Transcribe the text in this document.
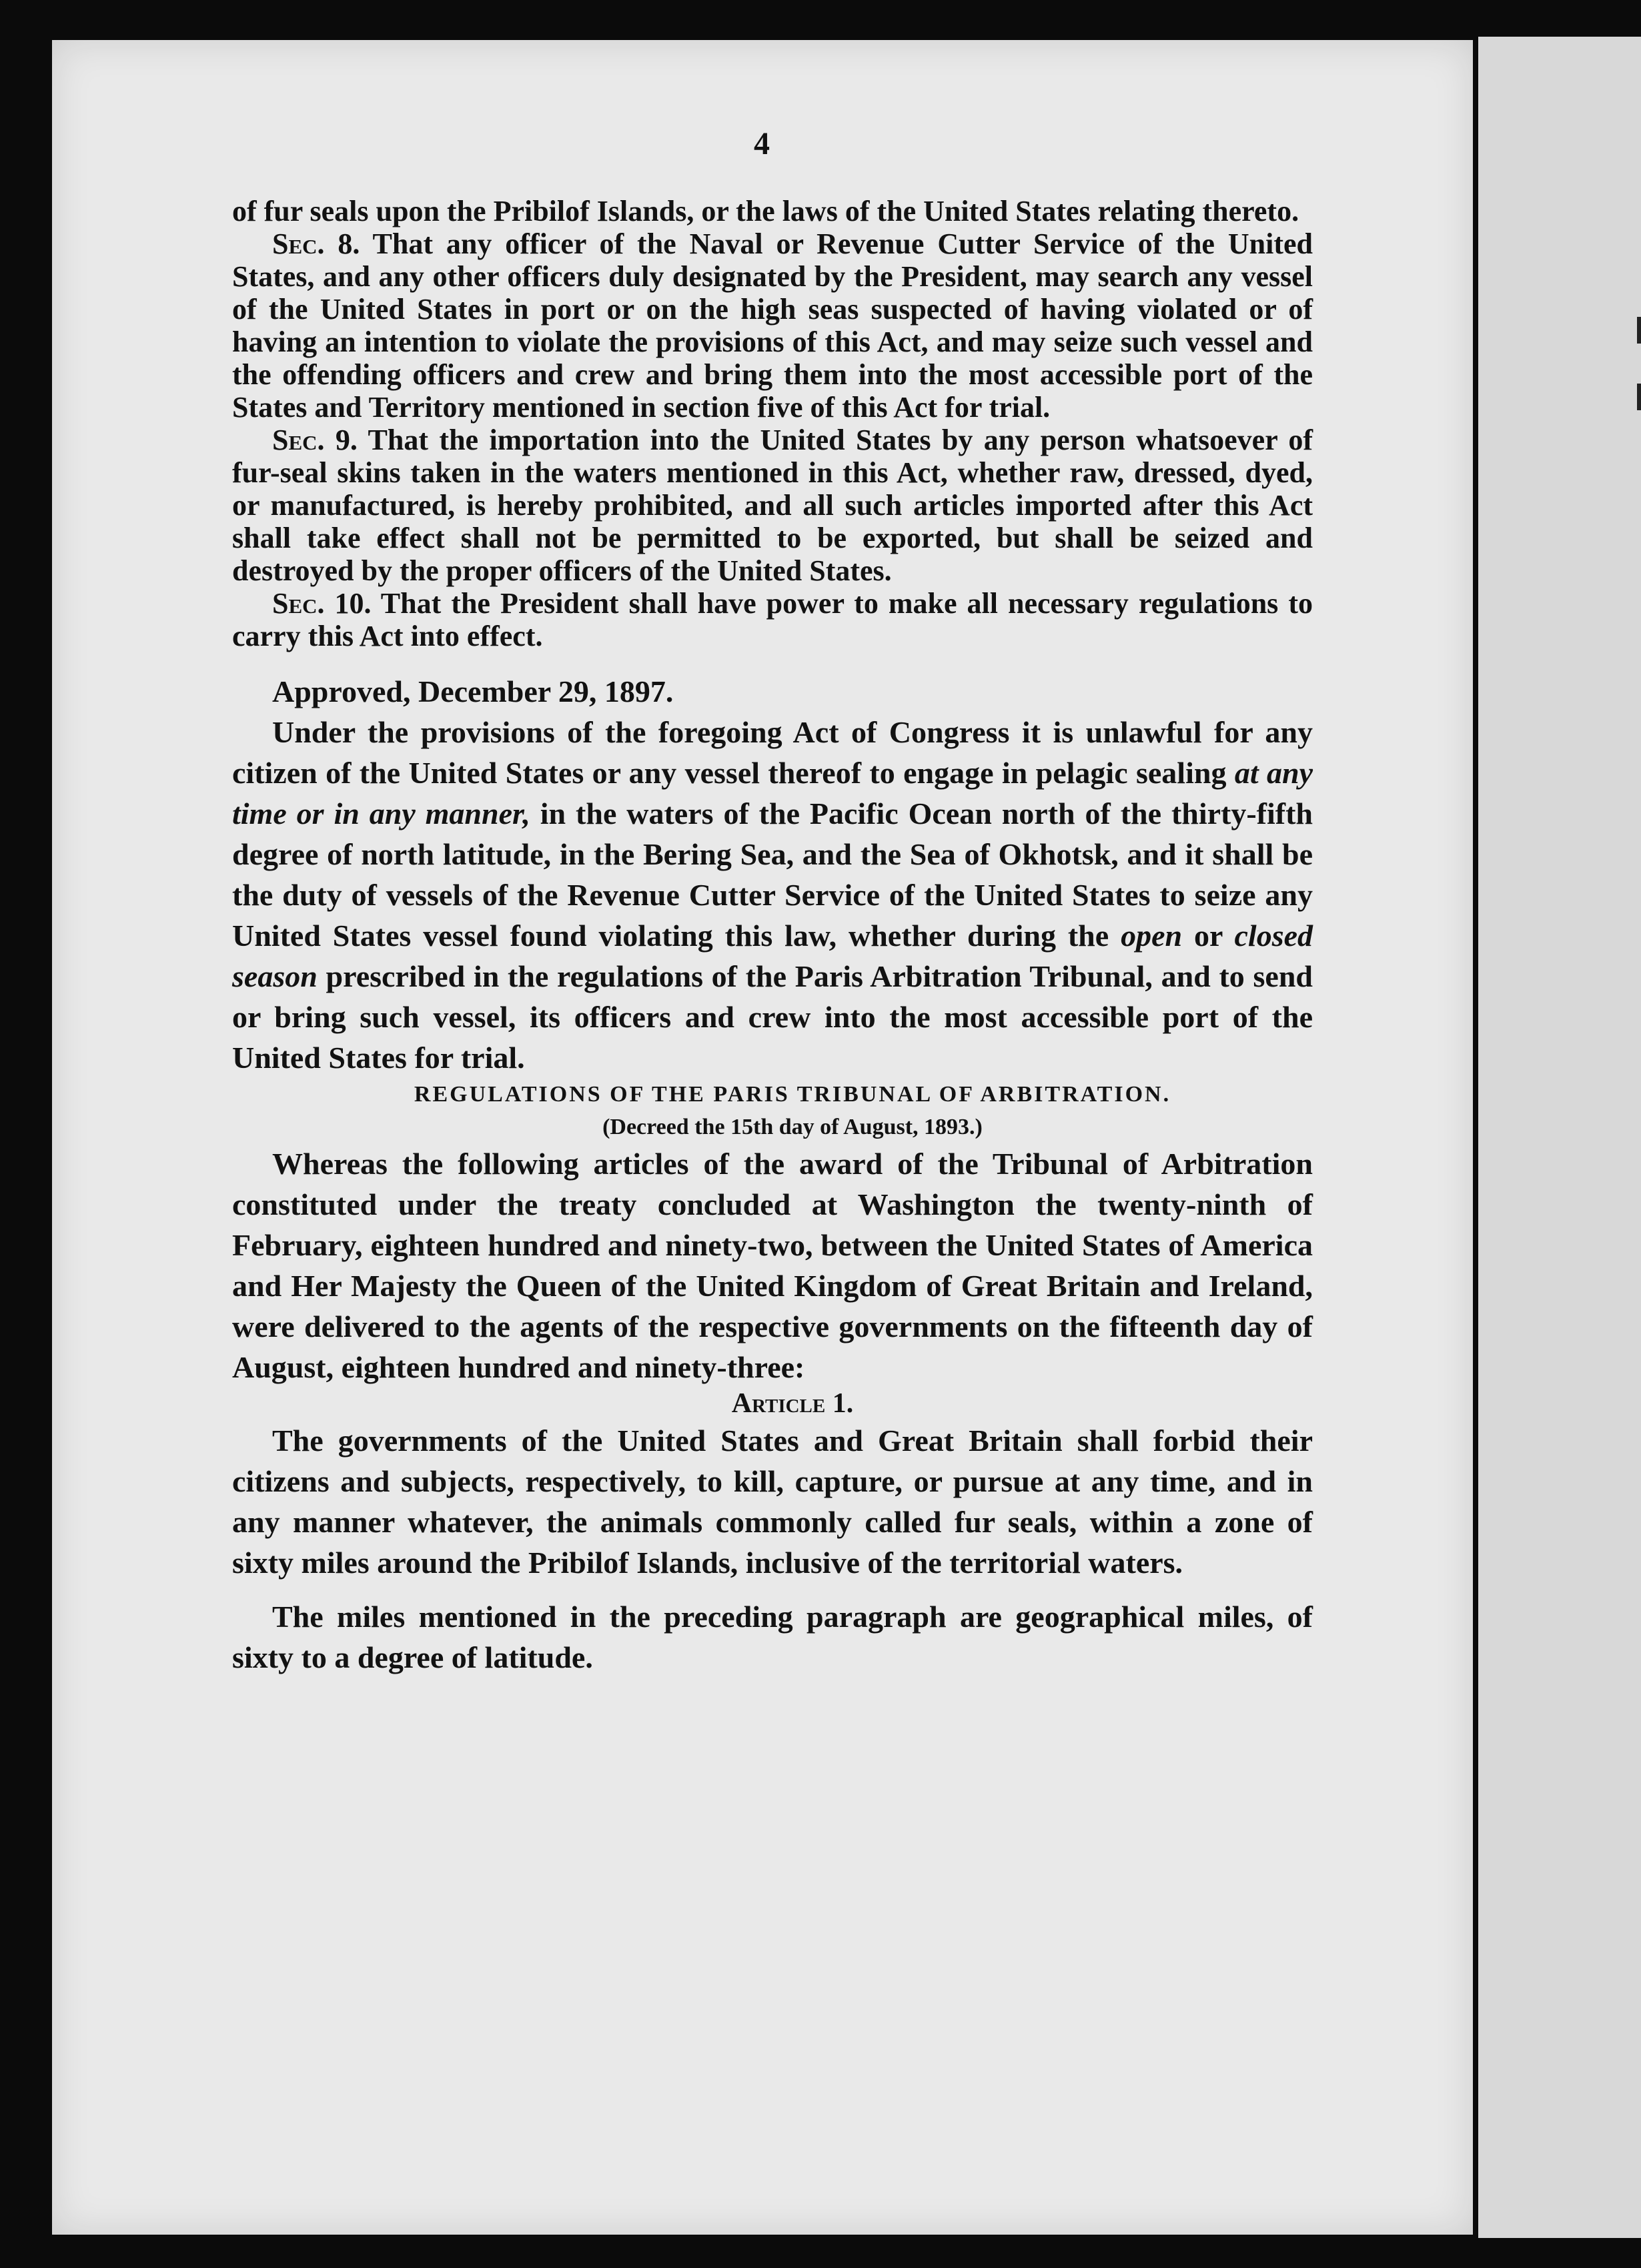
4

of fur seals upon the Pribilof Islands, or the laws of the United States relating thereto.

Sec. 8. That any officer of the Naval or Revenue Cutter Service of the United States, and any other officers duly designated by the President, may search any vessel of the United States in port or on the high seas suspected of having violated or of having an intention to violate the provisions of this Act, and may seize such vessel and the offending officers and crew and bring them into the most accessible port of the States and Territory mentioned in section five of this Act for trial.

Sec. 9. That the importation into the United States by any person whatsoever of fur-seal skins taken in the waters mentioned in this Act, whether raw, dressed, dyed, or manufactured, is hereby prohibited, and all such articles imported after this Act shall take effect shall not be permitted to be exported, but shall be seized and destroyed by the proper officers of the United States.

Sec. 10. That the President shall have power to make all necessary regulations to carry this Act into effect.

Approved, December 29, 1897.

Under the provisions of the foregoing Act of Congress it is unlawful for any citizen of the United States or any vessel thereof to engage in pelagic sealing at any time or in any manner, in the waters of the Pacific Ocean north of the thirty-fifth degree of north latitude, in the Bering Sea, and the Sea of Okhotsk, and it shall be the duty of vessels of the Revenue Cutter Service of the United States to seize any United States vessel found violating this law, whether during the open or closed season prescribed in the regulations of the Paris Arbitration Tribunal, and to send or bring such vessel, its officers and crew into the most accessible port of the United States for trial.

REGULATIONS OF THE PARIS TRIBUNAL OF ARBITRATION.

(Decreed the 15th day of August, 1893.)

Whereas the following articles of the award of the Tribunal of Arbitration constituted under the treaty concluded at Washington the twenty-ninth of February, eighteen hundred and ninety-two, between the United States of America and Her Majesty the Queen of the United Kingdom of Great Britain and Ireland, were delivered to the agents of the respective governments on the fifteenth day of August, eighteen hundred and ninety-three:

Article 1.

The governments of the United States and Great Britain shall forbid their citizens and subjects, respectively, to kill, capture, or pursue at any time, and in any manner whatever, the animals commonly called fur seals, within a zone of sixty miles around the Pribilof Islands, inclusive of the territorial waters.

The miles mentioned in the preceding paragraph are geographical miles, of sixty to a degree of latitude.
